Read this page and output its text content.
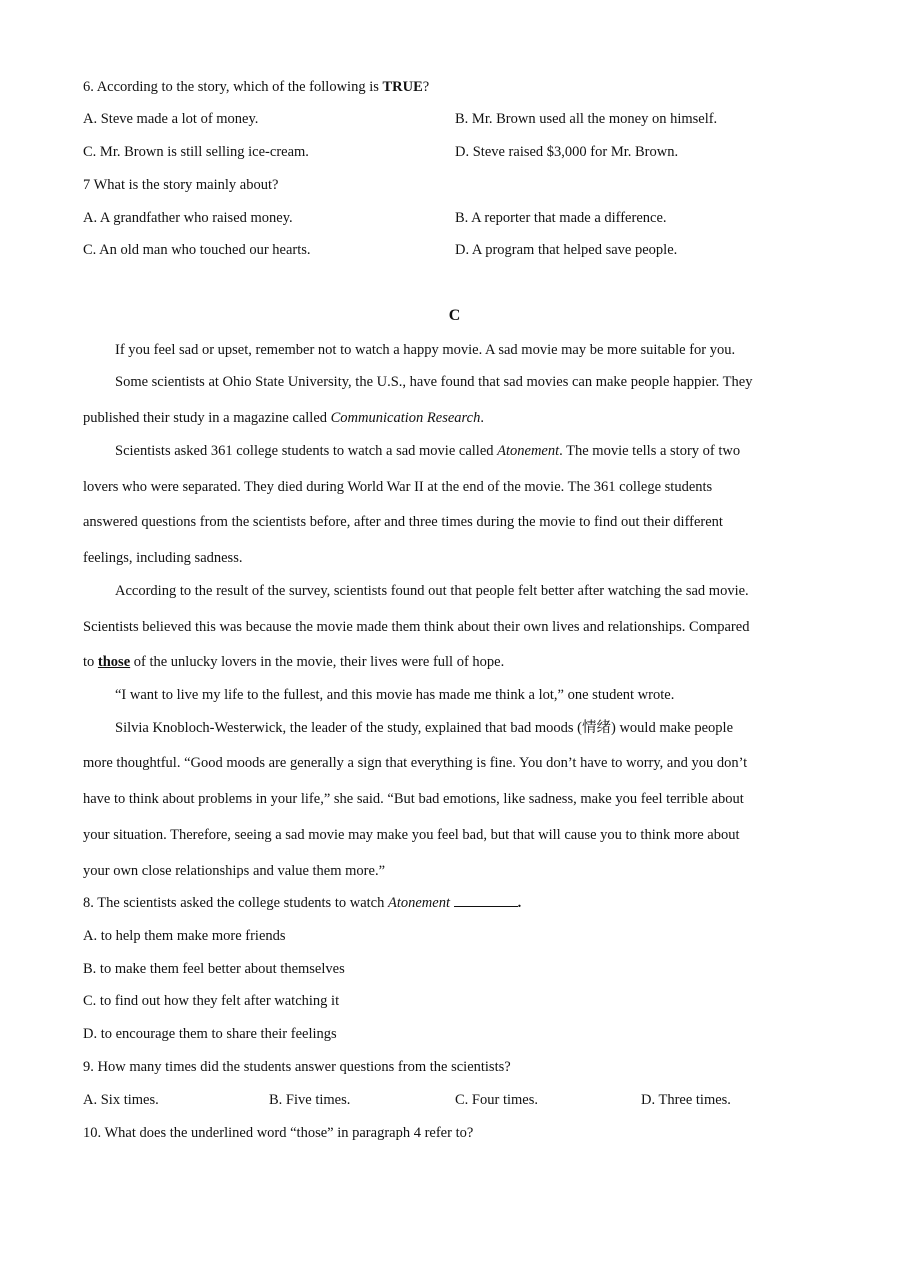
6. According to the story, which of the following is TRUE?
A. Steve made a lot of money.	B. Mr. Brown used all the money on himself.
C. Mr. Brown is still selling ice-cream.	D. Steve raised $3,000 for Mr. Brown.
7 What is the story mainly about?
A. A grandfather who raised money.	B. A reporter that made a difference.
C. An old man who touched our hearts.	D. A program that helped save people.
C
If you feel sad or upset, remember not to watch a happy movie. A sad movie may be more suitable for you.
Some scientists at Ohio State University, the U.S., have found that sad movies can make people happier. They
published their study in a magazine called Communication Research.
Scientists asked 361 college students to watch a sad movie called Atonement. The movie tells a story of two
lovers who were separated. They died during World War II at the end of the movie. The 361 college students
answered questions from the scientists before, after and three times during the movie to find out their different
feelings, including sadness.
According to the result of the survey, scientists found out that people felt better after watching the sad movie.
Scientists believed this was because the movie made them think about their own lives and relationships. Compared
to those of the unlucky lovers in the movie, their lives were full of hope.
“I want to live my life to the fullest, and this movie has made me think a lot,” one student wrote.
Silvia Knobloch-Westerwick, the leader of the study, explained that bad moods (情绪) would make people
more thoughtful. “Good moods are generally a sign that everything is fine. You don’t have to worry, and you don’t
have to think about problems in your life,” she said. “But bad emotions, like sadness, make you feel terrible about
your situation. Therefore, seeing a sad movie may make you feel bad, but that will cause you to think more about
your own close relationships and value them more.”
8. The scientists asked the college students to watch Atonement	.
A. to help them make more friends
B. to make them feel better about themselves
C. to find out how they felt after watching it
D. to encourage them to share their feelings
9. How many times did the students answer questions from the scientists?
A. Six times.	B. Five times.	C. Four times.	D. Three times.
10. What does the underlined word “those” in paragraph 4 refer to?
